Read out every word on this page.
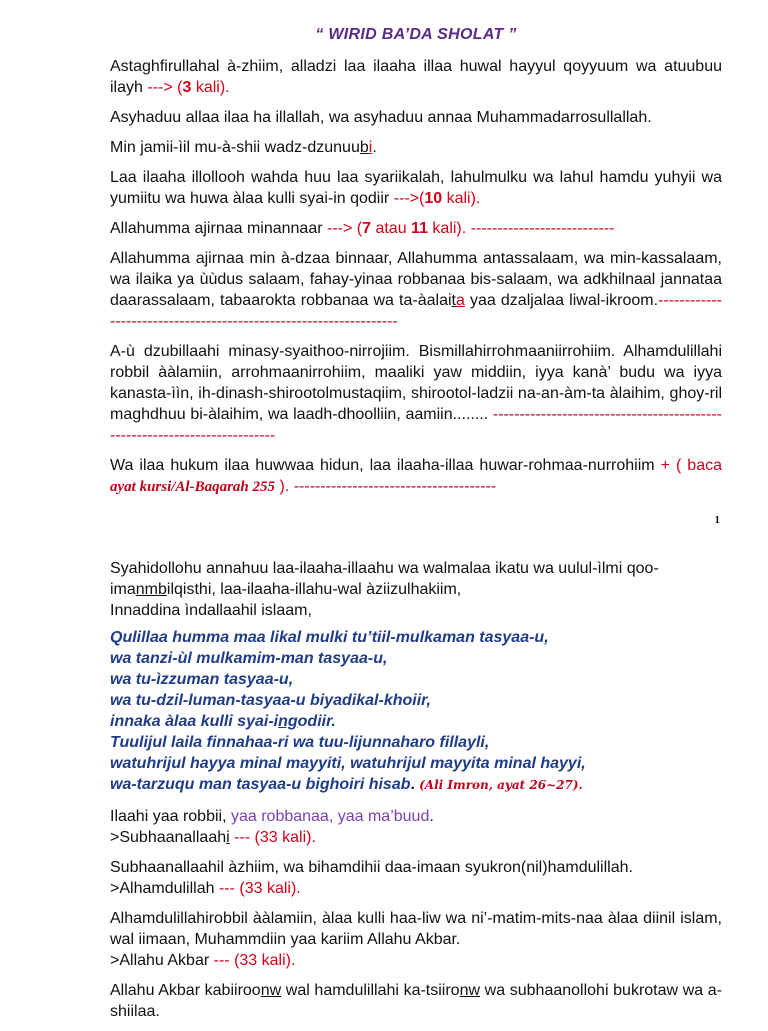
“ WIRID BA’DA SHOLAT ”

Astaghfirullahal à-zhiim, alladzi laa ilaaha illaa huwal hayyul qoyyuum wa atuubuu ilayh ---> (3 kali).

Asyhaduu allaa ilaa ha illallah, wa asyhaduu annaa Muhammadarrosullallah.

Min jamii-ìil mu-à-shii wadz-dzunuubi.

Laa ilaaha illollooh wahda huu laa syariikalah, lahulmulku wa lahul hamdu yuhyii wa yumiitu wa huwa àlaa kulli syai-in qodiir --->(10 kali).

Allahumma ajirnaa minannaar ---> (7 atau 11 kali). ---------------------------

Allahumma ajirnaa min à-dzaa binnaar, Allahumma antassalaam, wa min-kassalaam, wa ilaika ya ùùdus salaam, fahay-yinaa robbanaa bis-salaam, wa adkhilnaal jannataa daarassalaam, tabaarokta robbanaa wa ta-àalaita yaa dzaljalaa liwal-ikroom.------------------------------------------------------------------

A-ù dzubillaahi minasy-syaithoo-nirrojiim. Bismillahirrohmaaniirrohiim. Alhamdulillahi robbil ààlamiin, arrohmaanirrohiim, maaliki yaw middiin, iyya kanà’ budu wa iyya kanasta-ììn, ih-dinash-shirootolmustaqiim, shirootol-ladzii na-an-àm-ta àlaihim, ghoy-ril maghdhuu bi-àlaihim, wa laadh-dhoolliin, aamiin........ --------------------------------------------------------------------------

Wa ilaa hukum ilaa huwwaa hidun, laa ilaaha-illaa huwar-rohmaa-nurrohiim + ( baca ayat kursi/Al-Baqarah 255 ). --------------------------------------

1

Syahidollohu annahuu laa-ilaaha-illaahu wa walmalaa ikatu wa uulul-ìlmi qoo-imanmbilqisthi, laa-ilaaha-illahu-wal àziizulhakiim,
Innaddina ìndallaahil islaam,

Qulillaa humma maa likal mulki tu’tiil-mulkaman tasyaa-u,
wa tanzi-ùl mulkamim-man tasyaa-u,
wa tu-ìzzuman tasyaa-u,
wa tu-dzil-luman-tasyaa-u biyadikal-khoiir,
innaka àlaa kulli syai-ingodiir.
Tuulijul laila finnahaa-ri wa tuu-lijunnaharo fillayli,
watuhrijul hayya minal mayyiti, watuhrijul mayyita minal hayyi,
wa-tarzuqu man tasyaa-u bighoiri hisab. (Ali Imron, ayat 26~27).

Ilaahi yaa robbii, yaa robbanaa, yaa ma’buud.
>Subhaanallaahi --- (33 kali).

Subhaanallaahil àzhiim, wa bihamdihii daa-imaan syukron(nil)hamdulillah.
>Alhamdulillah --- (33 kali).

Alhamdulillahirobbil ààlamiin, àlaa kulli haa-liw wa ni’-matim-mits-naa àlaa diinil islam, wal iimaan, Muhammdiin yaa kariim Allahu Akbar.
>Allahu Akbar --- (33 kali).

Allahu Akbar kabiiroonw wal hamdulillahi ka-tsiironw wa subhaanollohi bukrotaw wa a-shiilaa.
